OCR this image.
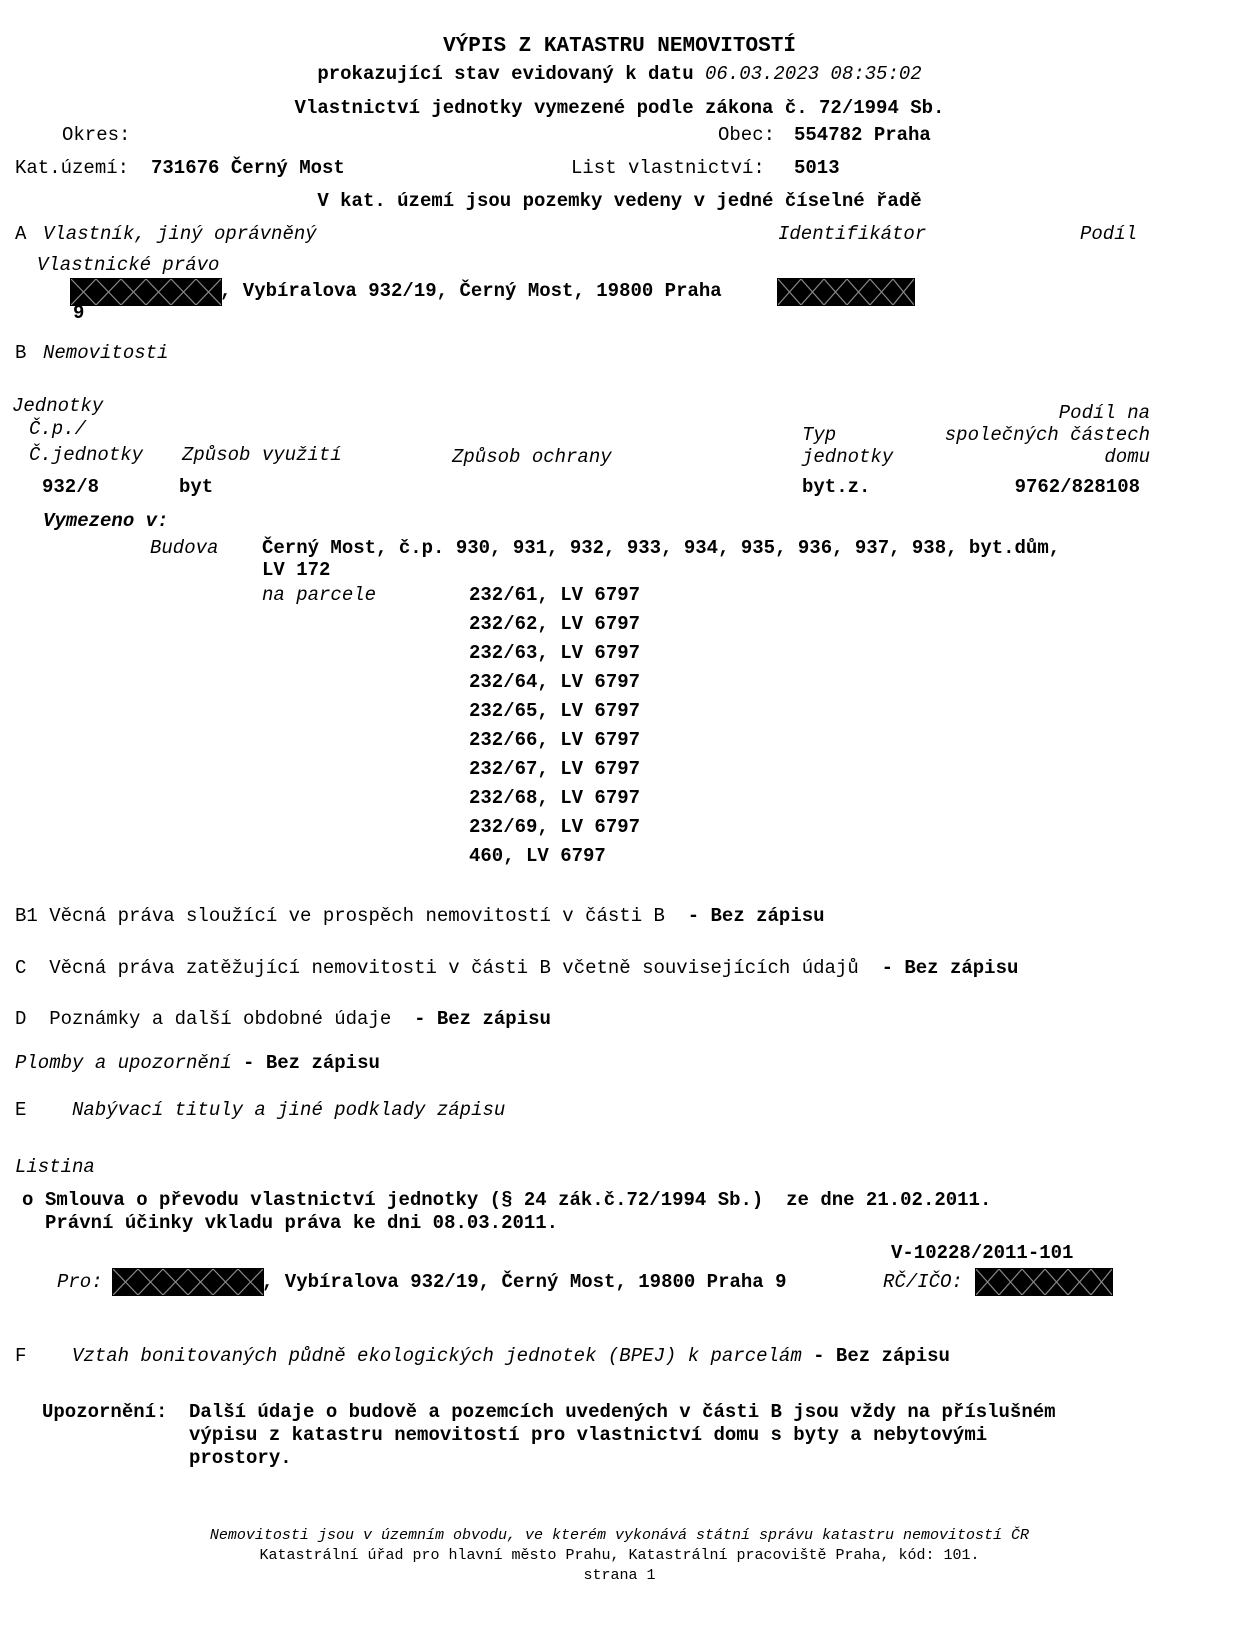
VÝPIS Z KATASTRU NEMOVITOSTÍ
prokazující stav evidovaný k datu 06.03.2023 08:35:02
Vlastnictví jednotky vymezené podle zákona č. 72/1994 Sb.
Okres:	Obec: 554782 Praha
Kat.území: 731676 Černý Most	List vlastnictví: 5013
V kat. území jsou pozemky vedeny v jedné číselné řadě
A Vlastník, jiný oprávněný	Identifikátor	Podíl
Vlastnické právo
, Vybíralova 932/19, Černý Most, 19800 Praha
9
B Nemovitosti
Jednotky
Č.p./
Č.jednotky Způsob využití	Způsob ochrany
Typ
jednotky
Podíl na
společných částech
domu
932/8	byt	byt.z.	9762/828108
Vymezeno v:
Budova Černý Most, č.p. 930, 931, 932, 933, 934, 935, 936, 937, 938, byt.dům,
LV 172
na parcele	232/61, LV 6797
232/62, LV 6797
232/63, LV 6797
232/64, LV 6797
232/65, LV 6797
232/66, LV 6797
232/67, LV 6797
232/68, LV 6797
232/69, LV 6797
460, LV 6797
B1 Věcná práva sloužící ve prospěch nemovitostí v části B - Bez zápisu
C  Věcná práva zatěžující nemovitosti v části B včetně souvisejících údajů - Bez zápisu
D  Poznámky a další obdobné údaje - Bez zápisu
Plomby a upozornění - Bez zápisu
E Nabývací tituly a jiné podklady zápisu
Listina
o Smlouva o převodu vlastnictví jednotky (§ 24 zák.č.72/1994 Sb.)  ze dne 21.02.2011.
Právní účinky vkladu práva ke dni 08.03.2011.
V-10228/2011-101
Pro:	, Vybíralova 932/19, Černý Most, 19800 Praha 9	RČ/IČO:
F Vztah bonitovaných půdně ekologických jednotek (BPEJ) k parcelám - Bez zápisu
Upozornění: Další údaje o budově a pozemcích uvedených v části B jsou vždy na příslušném
výpisu z katastru nemovitostí pro vlastnictví domu s byty a nebytovými
prostory.
Nemovitosti jsou v územním obvodu, ve kterém vykonává státní správu katastru nemovitostí ČR
Katastrální úřad pro hlavní město Prahu, Katastrální pracoviště Praha, kód: 101.
strana 1
